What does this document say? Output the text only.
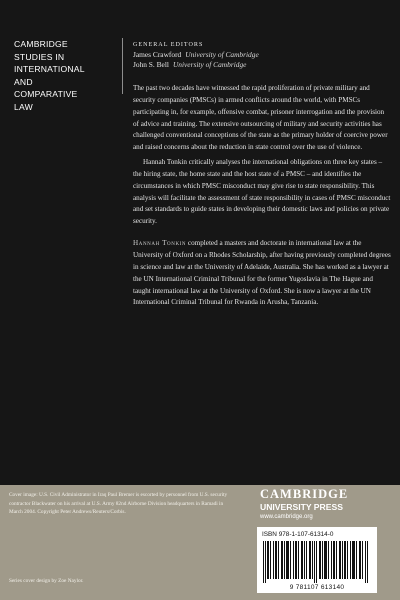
CAMBRIDGE
STUDIES IN
INTERNATIONAL
AND
COMPARATIVE
LAW
GENERAL EDITORS
James Crawford University of Cambridge
John S. Bell University of Cambridge

The past two decades have witnessed the rapid proliferation of private military and security companies (PMSCs) in armed conflicts around the world, with PMSCs participating in, for example, offensive combat, prisoner interrogation and the provision of advice and training. The extensive outsourcing of military and security activities has challenged conventional conceptions of the state as the primary holder of coercive power and raised concerns about the reduction in state control over the use of violence.

Hannah Tonkin critically analyses the international obligations on three key states – the hiring state, the home state and the host state of a PMSC – and identifies the circumstances in which PMSC misconduct may give rise to state responsibility. This analysis will facilitate the assessment of state responsibility in cases of PMSC misconduct and set standards to guide states in developing their domestic laws and policies on private security.

Hannah Tonkin completed a masters and doctorate in international law at the University of Oxford on a Rhodes Scholarship, after having previously completed degrees in science and law at the University of Adelaide, Australia. She has worked as a lawyer at the UN International Criminal Tribunal for the former Yugoslavia in The Hague and taught international law at the University of Oxford. She is now a lawyer at the UN International Criminal Tribunal for Rwanda in Arusha, Tanzania.

Cover image: U.S. Civil Administrator in Iraq Paul Bremer is escorted by personnel from U.S. security contractor Blackwater on his arrival at U.S. Army 82nd Airborne Division headquarters in Ramadi in March 2004. Copyright Peter Andrews/Reuters/Corbis.
Series cover design by Zoe Naylor.
CAMBRIDGE
UNIVERSITY PRESS
www.cambridge.org
ISBN 978-1-107-61314-0
9 781107 613140
